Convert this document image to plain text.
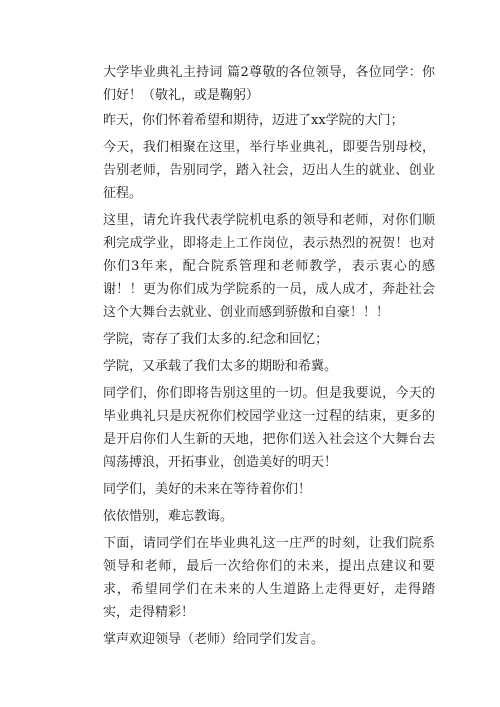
大学毕业典礼主持词 篇2尊敬的各位领导，各位同学：你们好！（敬礼，或是鞠躬）

昨天，你们怀着希望和期待，迈进了xx学院的大门；

今天，我们相聚在这里，举行毕业典礼，即要告别母校，告别老师，告别同学，踏入社会，迈出人生的就业、创业征程。

这里，请允许我代表学院机电系的领导和老师，对你们顺利完成学业，即将走上工作岗位，表示热烈的祝贺！也对你们3年来，配合院系管理和老师教学，表示衷心的感谢！！更为你们成为学院系的一员，成人成才，奔赴社会这个大舞台去就业、创业而感到骄傲和自豪！！！

学院，寄存了我们太多的.纪念和回忆；

学院，又承载了我们太多的期盼和希冀。

同学们，你们即将告别这里的一切。但是我要说，今天的毕业典礼只是庆祝你们校园学业这一过程的结束，更多的是开启你们人生新的天地，把你们送入社会这个大舞台去闯荡搏浪，开拓事业，创造美好的明天！

同学们，美好的未来在等待着你们！

依依惜别，难忘教诲。

下面，请同学们在毕业典礼这一庄严的时刻，让我们院系领导和老师，最后一次给你们的未来，提出点建议和要求，希望同学们在未来的人生道路上走得更好，走得踏实，走得精彩！

掌声欢迎领导（老师）给同学们发言。
